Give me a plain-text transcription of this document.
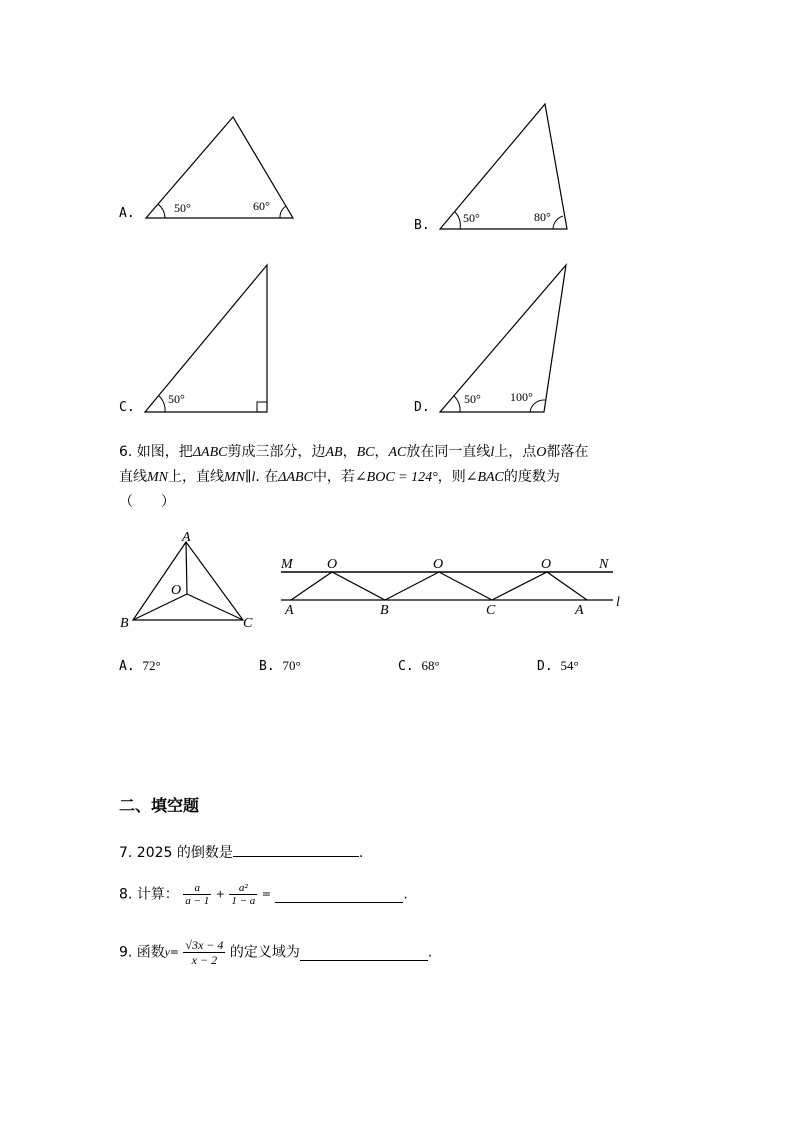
50°	60°
A.	50°	80°
B.
50°
C.
50° 100°
D.
6. 如图，把ΔABC剪成三部分，边AB，BC，AC放在同一直线l上，点O都落在
直线MN上，直线MN∥l. 在ΔABC中，若∠BOC = 124°，则∠BAC的度数为
（　　）
A
B	C
O
M O	O	O	N
A	B	C	A
l
A. 72°	B. 70°	C. 68°	D. 54°
二、填空题
7. 2025 的倒数是	.
8. 计算： $\frac{a}{a - 1} + \frac{\text{a²}}{1 - a}$ =	.
9. 函数$y= \frac{√3x - 4}{x - 2}$ 的定义域为	.
